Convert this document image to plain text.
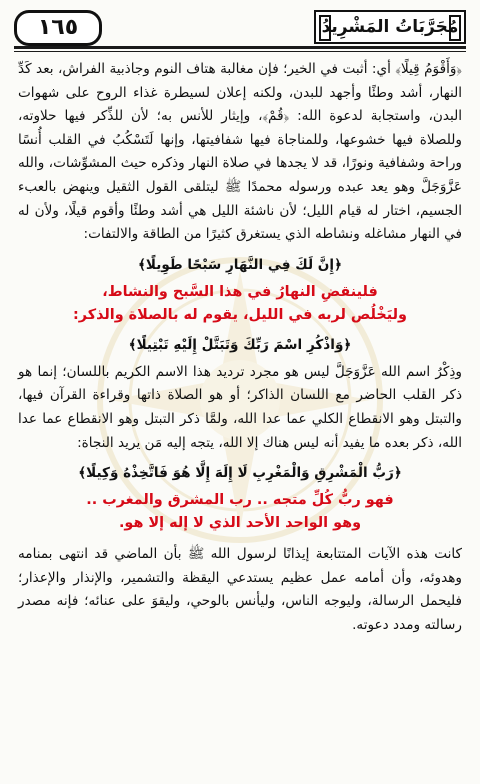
مُجَرَّبَاتُ المَشْرِيدُ
١٦٥

﴿وَأَقْوَمُ قِيلًا﴾ أي: أثبت في الخير؛ فإن مغالبة هتاف النوم وجاذبية الفراش، بعد كَدِّ النهار، أشد وطئًا وأجهد للبدن، ولكنه إعلان لسيطرة غذاء الروح على شهوات البدن، واستجابة لدعوة الله: ﴿قُمْ﴾، وإيثار للأنس به؛ لأن للذِّكر فيها حلاوته، وللصلاة فيها خشوعها، وللمناجاة فيها شفافيتها، وإنها لَتَسْكُبُ في القلب أُنسًا وراحة وشفافية ونورًا، قد لا يجدها في صلاة النهار وذكره حيث المشوِّشات، والله عَزَّوَجَلَّ وهو يعد عبده ورسوله محمدًا ﷺ ليتلقى القول الثقيل وينهض بالعبء الجسيم، اختار له قيام الليل؛ لأن ناشئة الليل هي أشد وطئًا وأقوم قيلًا، ولأن له في النهار مشاغله ونشاطه الذي يستغرق كثيرًا من الطاقة والالتفات:

﴿إِنَّ لَكَ فِي النَّهَارِ سَبْحًا طَوِيلًا﴾
فلينقضِ النهارُ في هذا السَّبح والنشاط،
وليَخْلُص لربه في الليل، يقوم له بالصلاة والذكر:
﴿وَاذْكُرِ اسْمَ رَبِّكَ وَتَبَتَّلْ إِلَيْهِ تَبْتِيلًا﴾

وذِكْرُ اسم الله عَزَّوَجَلَّ ليس هو مجرد ترديد هذا الاسم الكريم باللسان؛ إنما هو ذكر القلب الحاضر مع اللسان الذاكر؛ أو هو الصلاة ذاتها وقراءة القرآن فيها، والتبتل وهو الانقطاع الكلي عما عدا الله، ولمَّا ذكر التبتل وهو الانقطاع عما عدا الله، ذكر بعده ما يفيد أنه ليس هناك إلا الله، يتجه إليه مَن يريد النجاة:

﴿رَبُّ الْمَشْرِقِ وَالْمَغْرِبِ لَا إِلَهَ إِلَّا هُوَ فَاتَّخِذْهُ وَكِيلًا﴾
فهو ربُّ كُلِّ متجه .. رب المشرق والمغرب ..
وهو الواحد الأحد الذي لا إله إلا هو.

كانت هذه الآيات المتتابعة إيذانًا لرسول الله ﷺ بأن الماضي قد انتهى بمنامه وهدوئه، وأن أمامه عمل عظيم يستدعي اليقظة والتشمير، والإنذار والإعذار؛ فليحمل الرسالة، وليوجه الناس، وليأنس بالوحي، وليقوَ على عنائه؛ فإنه مصدر رسالته ومدد دعوته.
